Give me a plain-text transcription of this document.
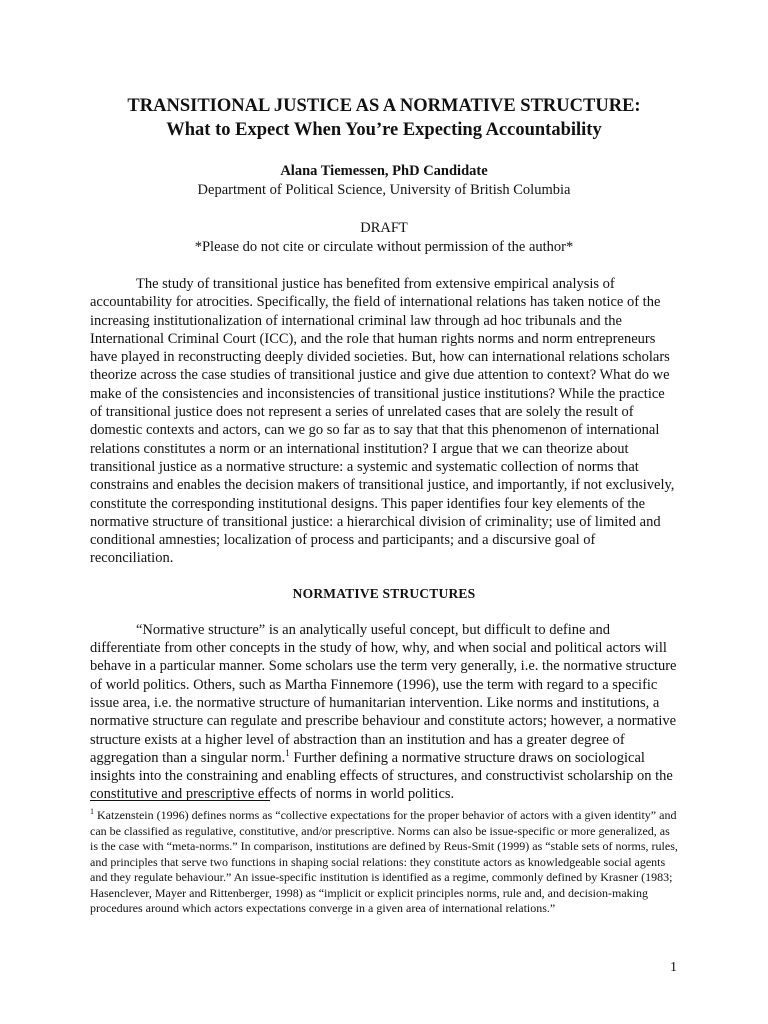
TRANSITIONAL JUSTICE AS A NORMATIVE STRUCTURE:
What to Expect When You’re Expecting Accountability
Alana Tiemessen, PhD Candidate
Department of Political Science, University of British Columbia
DRAFT
*Please do not cite or circulate without permission of the author*

The study of transitional justice has benefited from extensive empirical analysis of accountability for atrocities. Specifically, the field of international relations has taken notice of the increasing institutionalization of international criminal law through ad hoc tribunals and the International Criminal Court (ICC), and the role that human rights norms and norm entrepreneurs have played in reconstructing deeply divided societies. But, how can international relations scholars theorize across the case studies of transitional justice and give due attention to context? What do we make of the consistencies and inconsistencies of transitional justice institutions? While the practice of transitional justice does not represent a series of unrelated cases that are solely the result of domestic contexts and actors, can we go so far as to say that that this phenomenon of international relations constitutes a norm or an international institution? I argue that we can theorize about transitional justice as a normative structure: a systemic and systematic collection of norms that constrains and enables the decision makers of transitional justice, and importantly, if not exclusively, constitute the corresponding institutional designs. This paper identifies four key elements of the normative structure of transitional justice: a hierarchical division of criminality; use of limited and conditional amnesties; localization of process and participants; and a discursive goal of reconciliation.

NORMATIVE STRUCTURES

“Normative structure” is an analytically useful concept, but difficult to define and differentiate from other concepts in the study of how, why, and when social and political actors will behave in a particular manner. Some scholars use the term very generally, i.e. the normative structure of world politics. Others, such as Martha Finnemore (1996), use the term with regard to a specific issue area, i.e. the normative structure of humanitarian intervention. Like norms and institutions, a normative structure can regulate and prescribe behaviour and constitute actors; however, a normative structure exists at a higher level of abstraction than an institution and has a greater degree of aggregation than a singular norm.$^1$ Further defining a normative structure draws on sociological insights into the constraining and enabling effects of structures, and constructivist scholarship on the constitutive and prescriptive effects of norms in world politics.

$^1$ Katzenstein (1996) defines norms as “collective expectations for the proper behavior of actors with a given identity” and can be classified as regulative, constitutive, and/or prescriptive. Norms can also be issue-specific or more generalized, as is the case with “meta-norms.” In comparison, institutions are defined by Reus-Smit (1999) as “stable sets of norms, rules, and principles that serve two functions in shaping social relations: they constitute actors as knowledgeable social agents and they regulate behaviour.” An issue-specific institution is identified as a regime, commonly defined by Krasner (1983; Hasenclever, Mayer and Rittenberger, 1998) as “implicit or explicit principles norms, rule and, and decision-making procedures around which actors expectations converge in a given area of international relations.”
1
